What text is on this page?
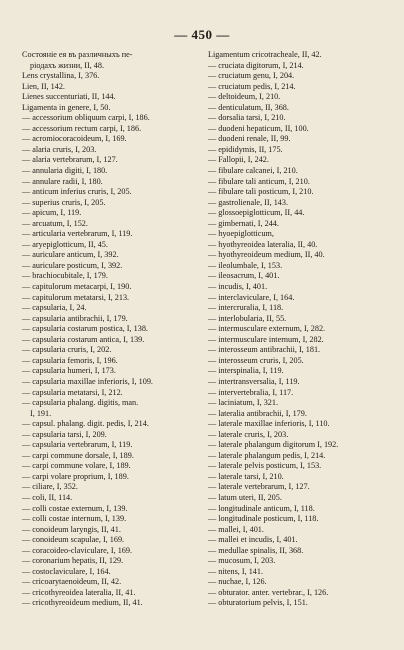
— 450 —
Состоянiе ея въ различныхъ пе-
рiодахъ жизни, II, 48.
Lens crystallina, I, 376.
Lien, II, 142.
Lienes succenturiati, II, 144.
Ligamenta in genere, I, 50.
— accessorium obliquum carpi, I, 186.
— accessorium rectum carpi, I, 186.
— acromiocoracoideum, I, 169.
— alaria cruris, I, 203.
— alaria vertebrarum, I, 127.
— annularia digiti, I, 180.
— annulare radii, I, 180.
— anticum inferius cruris, I, 205.
— superius cruris, I, 205.
— apicum, I, 119.
— arcuatum, I, 152.
— articularia vertebrarum, I, 119.
— aryepiglotticum, II, 45.
— auriculare anticum, I, 392.
— auriculare posticum, I, 392.
— brachiocubitale, I, 179.
— capitulorum metacarpi, I, 190.
— capitulorum metatarsi, I, 213.
— capsularia, I, 24.
— capsularia antibrachii, I, 179.
— capsularia costarum postica, I, 138.
— capsularia costarum antica, I, 139.
— capsularia cruris, I, 202.
— capsularia femoris, I, 196.
— capsularia humeri, I, 173.
— capsularia maxillae inferioris, I, 109.
— capsularia metatarsi, I, 212.
— capsularia phalang. digitis, man.
I, 191.
— capsul. phalang. digit. pedis, I, 214.
— capsularia tarsi, I, 209.
— capsularia vertebrarum, I, 119.
— carpi commune dorsale, I, 189.
— carpi commune volare, I, 189.
— carpi volare proprium, I, 189.
— ciliare, I, 352.
— coli, II, 114.
— colli costae externum, I, 139.
— colli costae internum, I, 139.
— conoideum laryngis, II, 41.
— conoideum scapulae, I, 169.
— coracoideo-claviculare, I, 169.
— coronarium hepatis, II, 129.
— costoclaviculare, I, 164.
— cricoarytaenoideum, II, 42.
— cricothyreoidea lateralia, II, 41.
— cricothyreoideum medium, II, 41.
Ligamentum cricotracheale, II, 42.
— cruciata digitorum, I, 214.
— cruciatum genu, I, 204.
— cruciatum pedis, I, 214.
— deltoideum, I, 210.
— denticulatum, II, 368.
— dorsalia tarsi, I, 210.
— duodeni hepaticum, II, 100.
— duodeni renale, II, 99.
— epididymis, II, 175.
— Fallopii, I, 242.
— fibulare calcanei, I, 210.
— fibulare tali anticum, I, 210.
— fibulare tali posticum, I, 210.
— gastrolienale, II, 143.
— glossoepiglotticum, II, 44.
— gimbernati, I, 244.
— hyoepiglotticum,
— hyothyreoidea lateralia, II, 40.
— hyothyreoideum medium, II, 40.
— ileolumbale, I, 153.
— ileosacrum, I, 401.
— incudis, I, 401.
— interclaviculare, I, 164.
— intercruralia, I, 118.
— interlobularia, II, 55.
— intermusculare externum, I, 282.
— intermusculare internum, I, 282.
— interosseum antibrachii, I, 181.
— interosseum cruris, I, 205.
— interspinalia, I, 119.
— intertransversalia, I, 119.
— intervertebralia, I, 117.
— laciniatum, I, 321.
— lateralia antibrachii, I, 179.
— laterale maxillae inferioris, I, 110.
— laterale cruris, I, 203.
— laterale phalangum digitorum I, 192.
— laterale phalangum pedis, I, 214.
— laterale pelvis posticum, I, 153.
— laterale tarsi, I, 210.
— laterale vertebrarum, I, 127.
— latum uteri, II, 205.
— longitudinale anticum, I, 118.
— longitudinale posticum, I, 118.
— mallei, I, 401.
— mallei et incudis, I, 401.
— medullae spinalis, II, 368.
— mucosum, I, 203.
— nitens, I, 141.
— nuchae, I, 126.
— obturator. anter. vertebrar., I, 126.
— obturatorium pelvis, I, 151.
